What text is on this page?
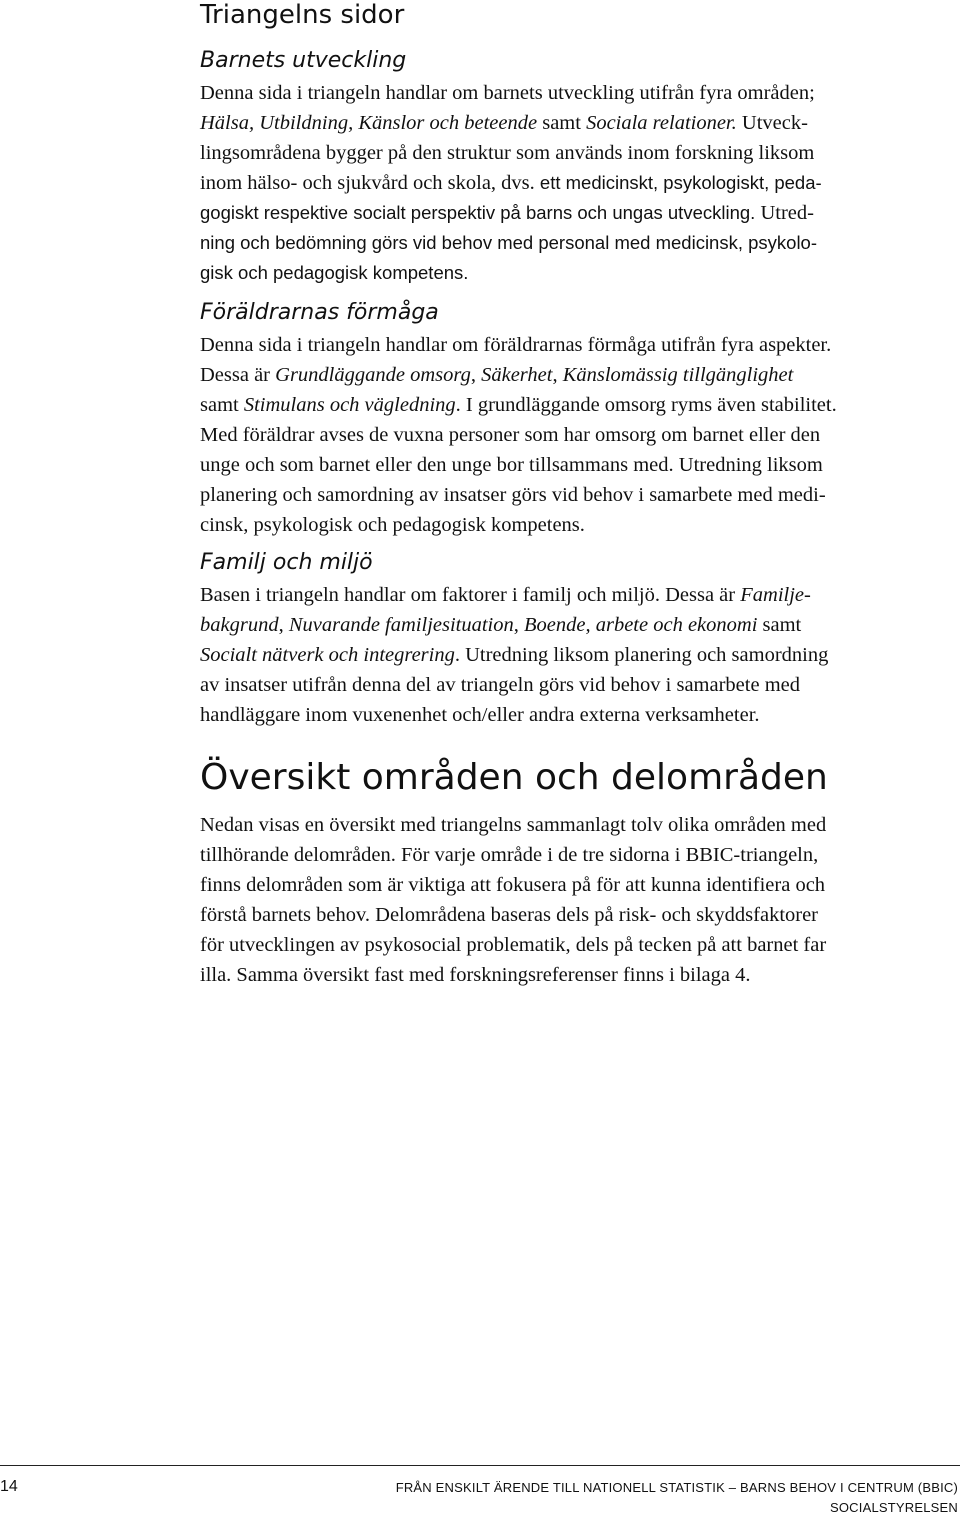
Triangelns sidor
Barnets utveckling

Denna sida i triangeln handlar om barnets utveckling utifrån fyra områden;
Hälsa, Utbildning, Känslor och beteende samt Sociala relationer. Utveck-
lingsområdena bygger på den struktur som används inom forskning liksom
inom hälso- och sjukvård och skola, dvs. ett medicinskt, psykologiskt, peda-
gogiskt respektive socialt perspektiv på barns och ungas utveckling. Utred-
ning och bedömning görs vid behov med personal med medicinsk, psykolo-
gisk och pedagogisk kompetens.

Föräldrarnas förmåga

Denna sida i triangeln handlar om föräldrarnas förmåga utifrån fyra aspekter.
Dessa är Grundläggande omsorg, Säkerhet, Känslomässig tillgänglighet
samt Stimulans och vägledning. I grundläggande omsorg ryms även stabilitet.
Med föräldrar avses de vuxna personer som har omsorg om barnet eller den
unge och som barnet eller den unge bor tillsammans med. Utredning liksom
planering och samordning av insatser görs vid behov i samarbete med medi-
cinsk, psykologisk och pedagogisk kompetens.

Familj och miljö

Basen i triangeln handlar om faktorer i familj och miljö. Dessa är Familje-
bakgrund, Nuvarande familjesituation, Boende, arbete och ekonomi samt
Socialt nätverk och integrering. Utredning liksom planering och samordning
av insatser utifrån denna del av triangeln görs vid behov i samarbete med
handläggare inom vuxenenhet och/eller andra externa verksamheter.

Översikt områden och delområden

Nedan visas en översikt med triangelns sammanlagt tolv olika områden med
tillhörande delområden. För varje område i de tre sidorna i BBIC-triangeln,
finns delområden som är viktiga att fokusera på för att kunna identifiera och
förstå barnets behov. Delområdena baseras dels på risk- och skyddsfaktorer
för utvecklingen av psykosocial problematik, dels på tecken på att barnet far
illa. Samma översikt fast med forskningsreferenser finns i bilaga 4.

14	FRÅN ENSKILT ÄRENDE TILL NATIONELL STATISTIK – BARNS BEHOV I CENTRUM (BBIC)
SOCIALSTYRELSEN
